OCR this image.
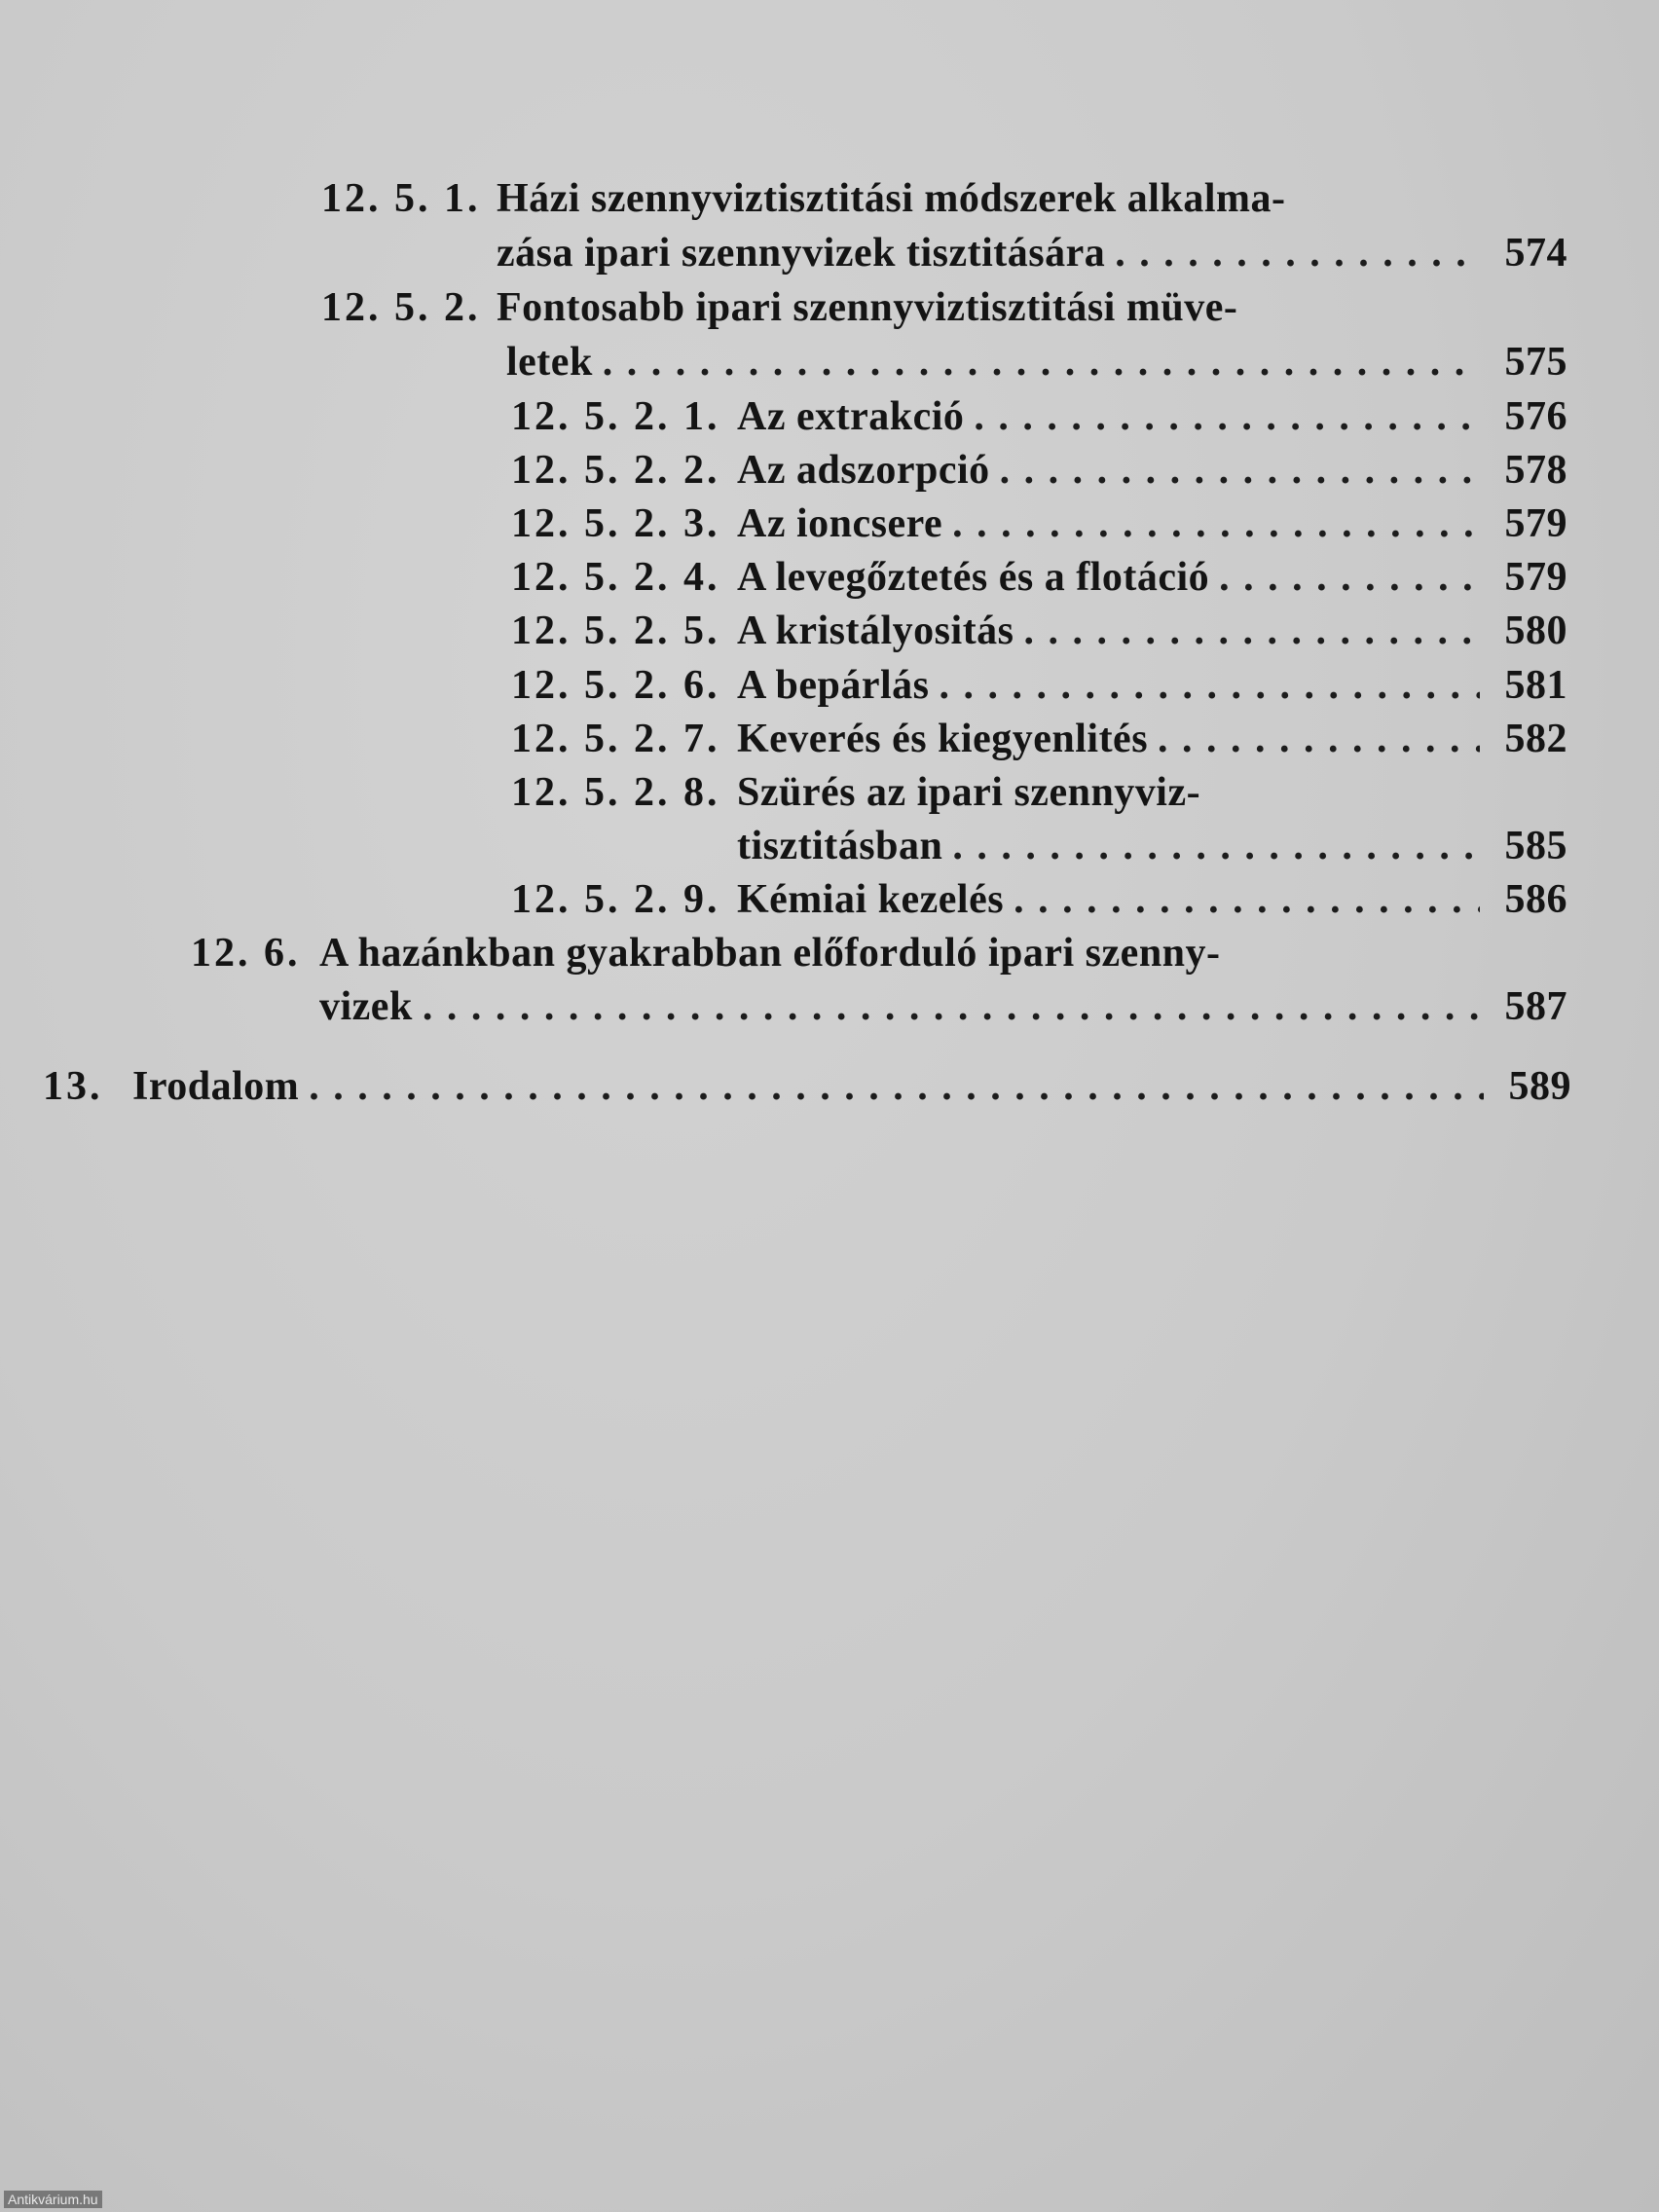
12. 5. 1. Házi szennyviztisztitási módszerek alkalma-
zása ipari szennyvizek tisztitására . . .	574
12. 5. 2. Fontosabb ipari szennyviztisztitási müve-
letek . . .	575
12. 5. 2. 1. Az extrakció . . .	576
12. 5. 2. 2. Az adszorpció . . .	578
12. 5. 2. 3. Az ioncsere . . .	579
12. 5. 2. 4. A levegőztetés és a flotáció . . .	579
12. 5. 2. 5. A kristályositás . . .	580
12. 5. 2. 6. A bepárlás . . .	581
12. 5. 2. 7. Keverés és kiegyenlités . . .	582
12. 5. 2. 8. Szürés az ipari szennyviz-
tisztitásban . . .	585
12. 5. 2. 9. Kémiai kezelés . . .	586
12. 6. A hazánkban gyakrabban előforduló ipari szenny-
vizek . . .	587
13. Irodalom . . .	589
Antikvárium.hu
